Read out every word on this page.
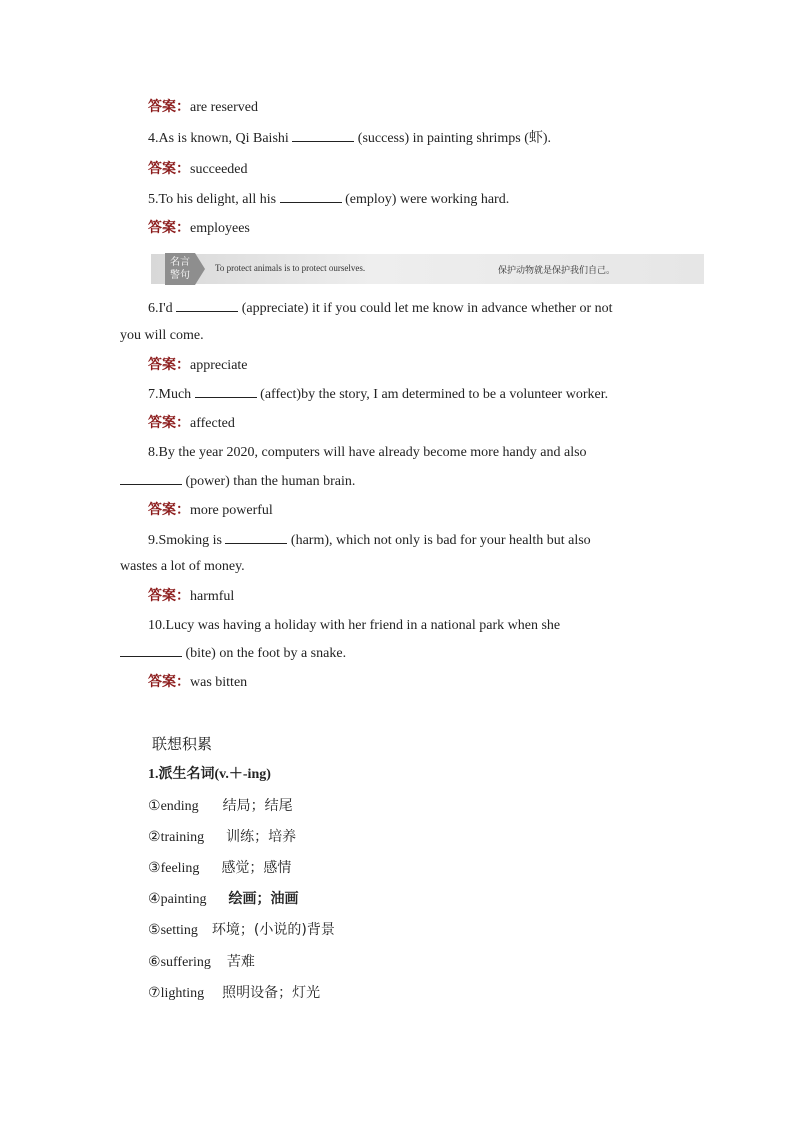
答案：are reserved
4.As is known, Qi Baishi	(success) in painting shrimps (虾).
答案：succeeded
5.To his delight, all his	(employ) were working hard.
答案：employees
名言
警句
To protect animals is to protect ourselves.	保护动物就是保护我们自己。
6.I'd	(appreciate) it if you could let me know in advance whether or not
you will come.
答案：appreciate
7.Much	(affect)by the story, I am determined to be a volunteer worker.
答案：affected
8.By the year 2020, computers will have already become more handy and also
(power) than the human brain.
答案：more powerful
9.Smoking is	(harm), which not only is bad for your health but also
wastes a lot of money.
答案：harmful
10.Lucy was having a holiday with her friend in a national park when she
(bite) on the foot by a snake.
答案：was bitten
联想积累
1.派生名词(v.＋-ing)
①ending 结局；结尾
②training 训练；培养
③feeling 感觉；感情
④painting 绘画；油画
⑤setting 环境；(小说的)背景
⑥suffering 苦难
⑦lighting 照明设备；灯光
